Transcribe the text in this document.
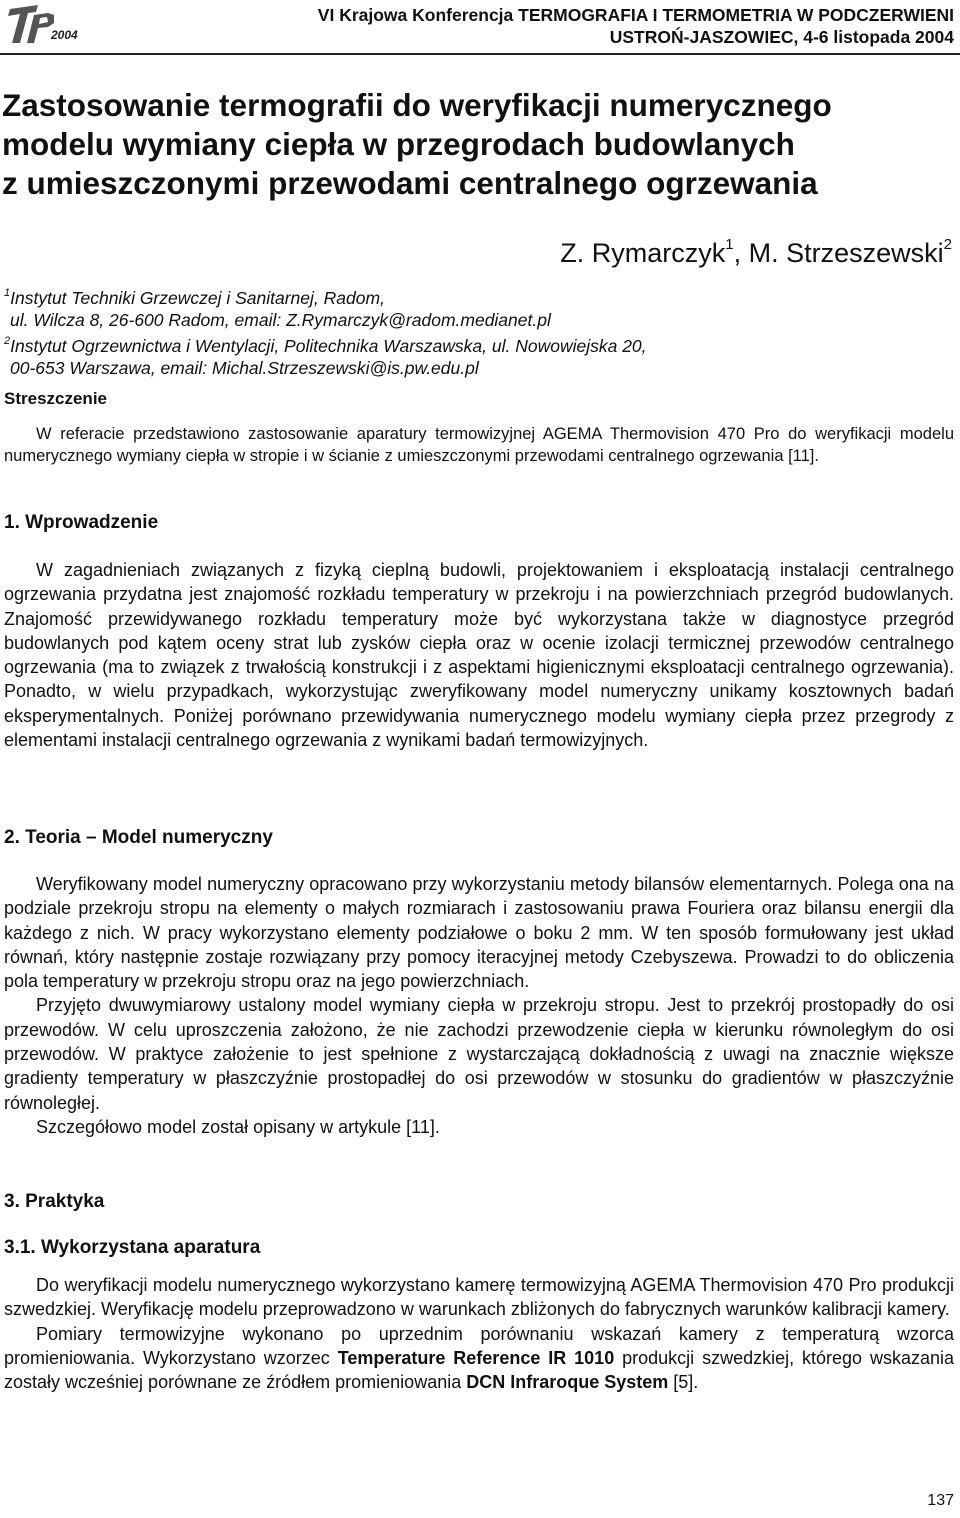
2004
VI Krajowa Konferencja TERMOGRAFIA I TERMOMETRIA W PODCZERWIENI
USTROŃ-JASZOWIEC, 4-6 listopada 2004
Zastosowanie termografii do weryfikacji numerycznego
modelu wymiany ciepła w przegrodach budowlanych
z umieszczonymi przewodami centralnego ogrzewania
Z. Rymarczyk$^1$, M. Strzeszewski$^2$
$^1$Instytut Techniki Grzewczej i Sanitarnej, Radom,
ul. Wilcza 8, 26-600 Radom, email: Z.Rymarczyk@radom.medianet.pl
$^2$Instytut Ogrzewnictwa i Wentylacji, Politechnika Warszawska, ul. Nowowiejska 20,
00-653 Warszawa, email: Michal.Strzeszewski@is.pw.edu.pl
Streszczenie

W referacie przedstawiono zastosowanie aparatury termowizyjnej AGEMA Thermovision 470 Pro do weryfikacji modelu numerycznego wymiany ciepła w stropie i w ścianie z umieszczonymi przewodami centralnego ogrzewania [11].

1. Wprowadzenie

W zagadnieniach związanych z fizyką cieplną budowli, projektowaniem i eksploatacją instalacji centralnego ogrzewania przydatna jest znajomość rozkładu temperatury w przekroju i na powierzchniach przegród budowlanych. Znajomość przewidywanego rozkładu temperatury może być wykorzystana także w diagnostyce przegród budowlanych pod kątem oceny strat lub zysków ciepła oraz w ocenie izolacji termicznej przewodów centralnego ogrzewania (ma to związek z trwałością konstrukcji i z aspektami higienicznymi eksploatacji centralnego ogrzewania). Ponadto, w wielu przypadkach, wykorzystując zweryfikowany model numeryczny unikamy kosztownych badań eksperymentalnych. Poniżej porównano przewidywania numerycznego modelu wymiany ciepła przez przegrody z elementami instalacji centralnego ogrzewania z wynikami badań termowizyjnych.

2. Teoria – Model numeryczny

Weryfikowany model numeryczny opracowano przy wykorzystaniu metody bilansów elementarnych. Polega ona na podziale przekroju stropu na elementy o małych rozmiarach i zastosowaniu prawa Fouriera oraz bilansu energii dla każdego z nich. W pracy wykorzystano elementy podziałowe o boku 2 mm. W ten sposób formułowany jest układ równań, który następnie zostaje rozwiązany przy pomocy iteracyjnej metody Czebyszewa. Prowadzi to do obliczenia pola temperatury w przekroju stropu oraz na jego powierzchniach.

Przyjęto dwuwymiarowy ustalony model wymiany ciepła w przekroju stropu. Jest to przekrój prostopadły do osi przewodów. W celu uproszczenia założono, że nie zachodzi przewodzenie ciepła w kierunku równoległym do osi przewodów. W praktyce założenie to jest spełnione z wystarczającą dokładnością z uwagi na znacznie większe gradienty temperatury w płaszczyźnie prostopadłej do osi przewodów w stosunku do gradientów w płaszczyźnie równoległej.

Szczegółowo model został opisany w artykule [11].

3. Praktyka
3.1. Wykorzystana aparatura

Do weryfikacji modelu numerycznego wykorzystano kamerę termowizyjną AGEMA Thermovision 470 Pro produkcji szwedzkiej. Weryfikację modelu przeprowadzono w warunkach zbliżonych do fabrycznych warunków kalibracji kamery.

Pomiary termowizyjne wykonano po uprzednim porównaniu wskazań kamery z temperaturą wzorca promieniowania. Wykorzystano wzorzec Temperature Reference IR 1010 produkcji szwedzkiej, którego wskazania zostały wcześniej porównane ze źródłem promieniowania DCN Infraroque System [5].

137
